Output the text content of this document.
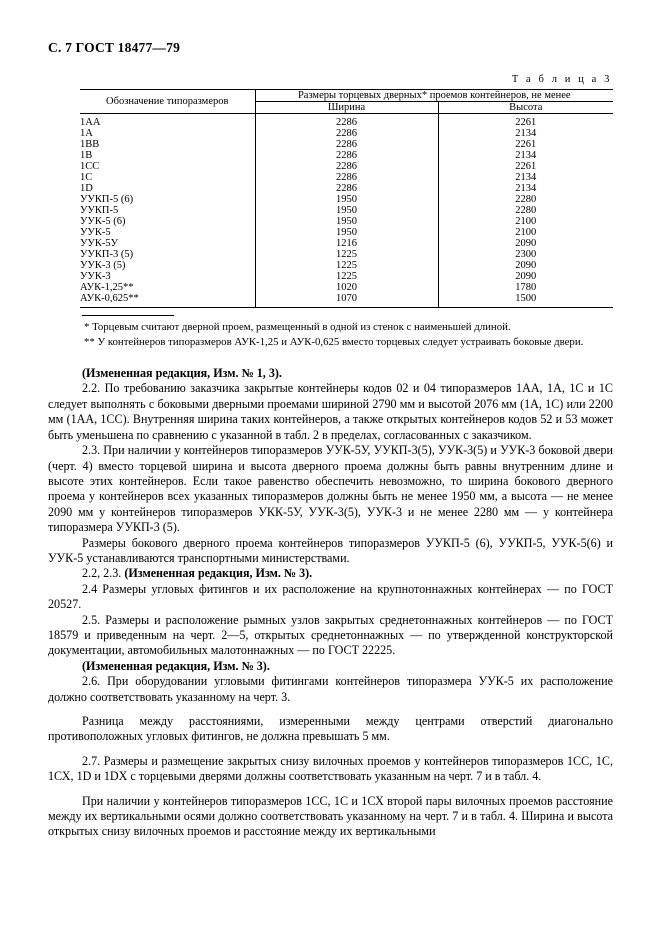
С. 7 ГОСТ 18477—79
Т а б л и ц а 3
Обозначение типоразмеров	Размеры торцевых дверных* проемов контейнеров, не менее	
	Ширина	Высота
1АА	2286	2261
1А	2286	2134
1ВВ	2286	2261
1В	2286	2134
1СС	2286	2261
1С	2286	2134
1D	2286	2134
УУКП-5 (6)	1950	2280
УУКП-5	1950	2280
УУК-5 (6)	1950	2100
УУК-5	1950	2100
УУК-5У	1216	2090
УУКП-3 (5)	1225	2300
УУК-3 (5)	1225	2090
УУК-3	1225	2090
АУК-1,25**	1020	1780
АУК-0,625**	1070	1500

* Торцевым считают дверной проем, размещенный в одной из стенок с наименьшей длиной.

** У контейнеров типоразмеров АУК-1,25 и АУК-0,625 вместо торцевых следует устраивать боковые двери.

(Измененная редакция, Изм. № 1, 3).

2.2. По требованию заказчика закрытые контейнеры кодов 02 и 04 типоразмеров 1АА, 1А, 1С и 1С следует выполнять с боковыми дверными проемами шириной 2790 мм и высотой 2076 мм (1А, 1С) или 2200 мм (1АА, 1СС). Внутренняя ширина таких контейнеров, а также открытых контейнеров кодов 52 и 53 может быть уменьшена по сравнению с указанной в табл. 2 в пределах, согласованных с заказчиком.

2.3. При наличии у контейнеров типоразмеров УУК-5У, УУКП-3(5), УУК-3(5) и УУК-3 боковой двери (черт. 4) вместо торцевой ширина и высота дверного проема должны быть равны внутренним длине и высоте этих контейнеров. Если такое равенство обеспечить невозможно, то ширина бокового дверного проема у контейнеров всех указанных типоразмеров должны быть не менее 1950 мм, а высота — не менее 2090 мм у контейнеров типоразмеров УКК-5У, УУК-3(5), УУК-3 и не менее 2280 мм — у контейнера типоразмера УУКП-3 (5).

Размеры бокового дверного проема контейнеров типоразмеров УУКП-5 (6), УУКП-5, УУК-5(6) и УУК-5 устанавливаются транспортными министерствами.

2.2, 2.3. (Измененная редакция, Изм. № 3).

2.4 Размеры угловых фитингов и их расположение на крупнотоннажных контейнерах — по ГОСТ 20527.

2.5. Размеры и расположение рымных узлов закрытых среднетоннажных контейнеров — по ГОСТ 18579 и приведенным на черт. 2—5, открытых среднетоннажных — по утвержденной конструкторской документации, автомобильных малотоннажных — по ГОСТ 22225.

(Измененная редакция, Изм. № 3).

2.6. При оборудовании угловыми фитингами контейнеров типоразмера УУК-5 их расположение должно соответствовать указанному на черт. 3.

Разница между расстояниями, измеренными между центрами отверстий диагонально противоположных угловых фитингов, не должна превышать 5 мм.

2.7. Размеры и размещение закрытых снизу вилочных проемов у контейнеров типоразмеров 1СС, 1С, 1СХ, 1D и 1DХ с торцевыми дверями должны соответствовать указанным на черт. 7 и в табл. 4.

При наличии у контейнеров типоразмеров 1СС, 1С и 1СХ второй пары вилочных проемов расстояние между их вертикальными осями должно соответствовать указанному на черт. 7 и в табл. 4. Ширина и высота открытых снизу вилочных проемов и расстояние между их вертикальными
